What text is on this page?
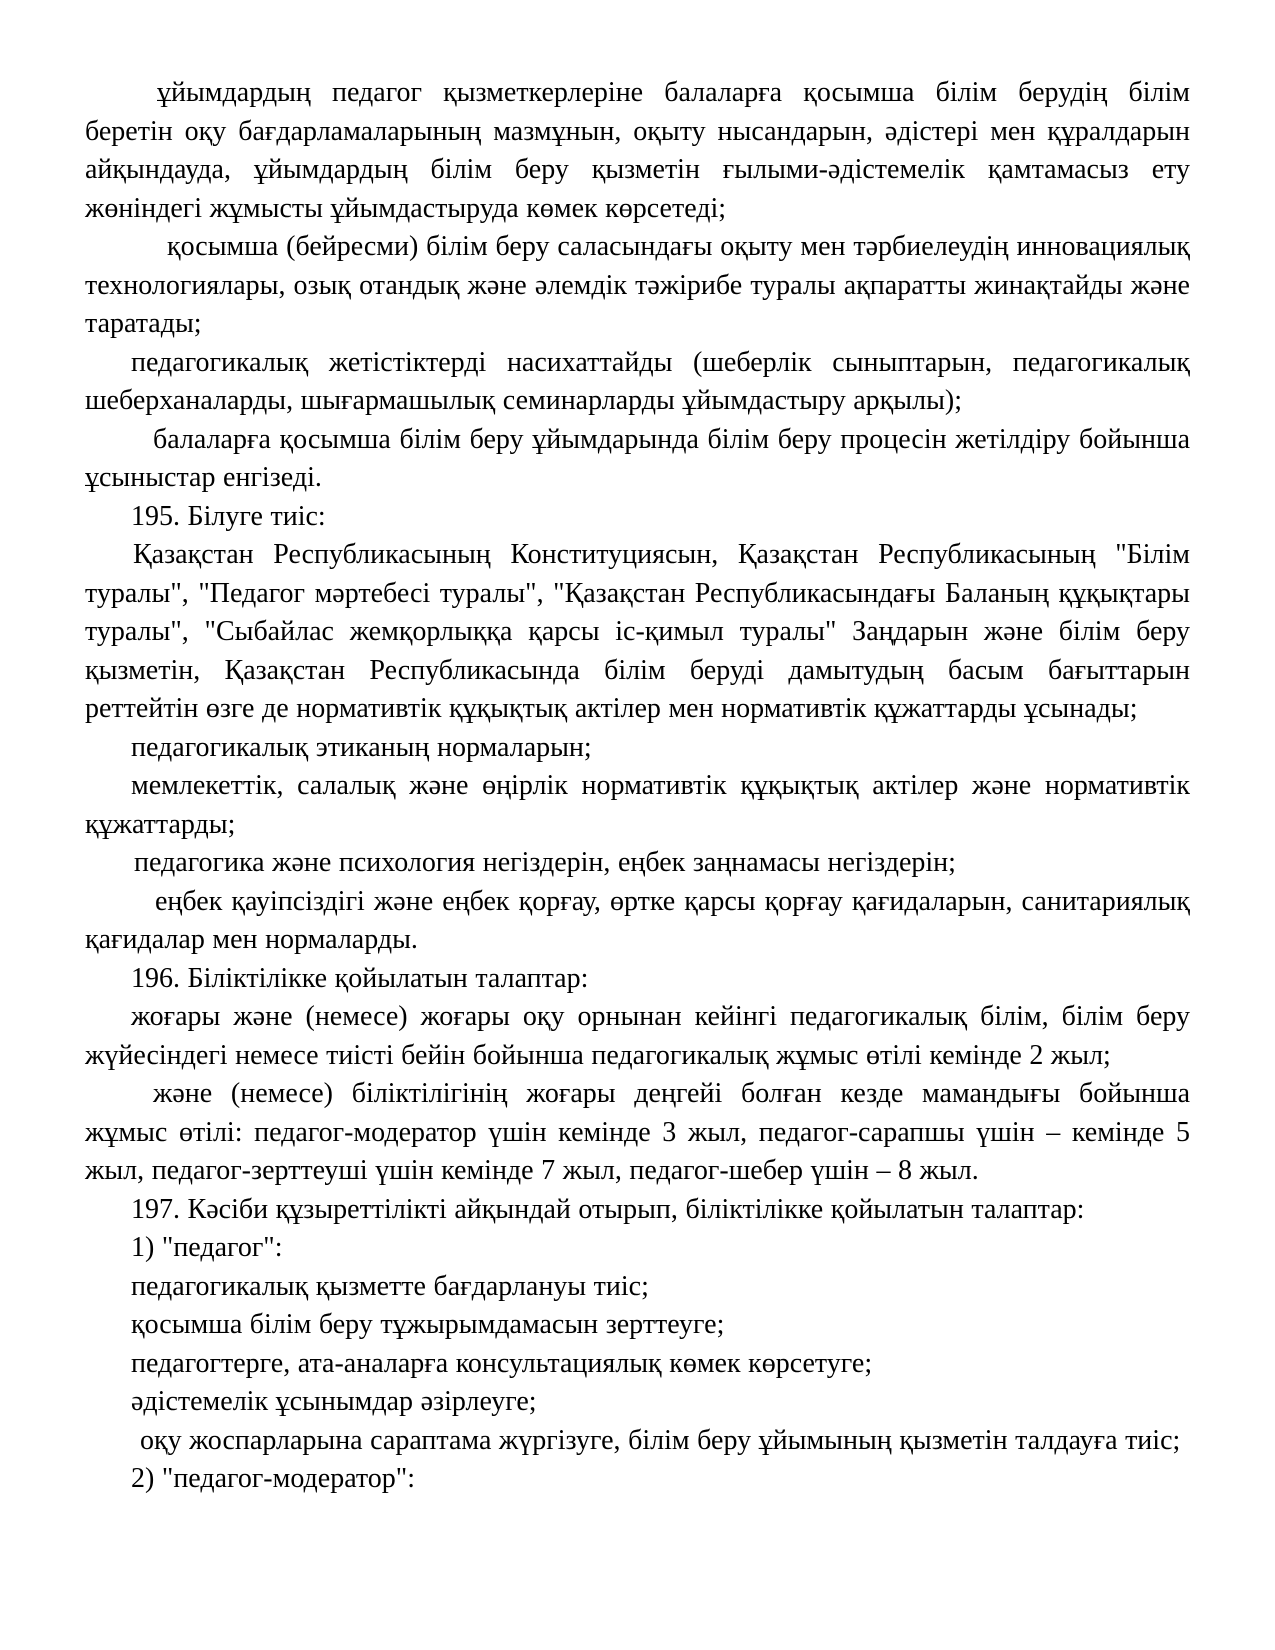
ұйымдардың педагог қызметкерлеріне балаларға қосымша білім берудің білім беретін оқу бағдарламаларының мазмұнын, оқыту нысандарын, әдістері мен құралдарын айқындауда, ұйымдардың білім беру қызметін ғылыми-әдістемелік қамтамасыз ету жөніндегі жұмысты ұйымдастыруда көмек көрсетеді;

қосымша (бейресми) білім беру саласындағы оқыту мен тәрбиелеудің инновациялық технологиялары, озық отандық және әлемдік тәжірибе туралы ақпаратты жинақтайды және таратады;

педагогикалық жетістіктерді насихаттайды (шеберлік сыныптарын, педагогикалық шеберханаларды, шығармашылық семинарларды ұйымдастыру арқылы);

балаларға қосымша білім беру ұйымдарында білім беру процесін жетілдіру бойынша ұсыныстар енгізеді.

195. Білуге тиіс:

Қазақстан Республикасының Конституциясын, Қазақстан Республикасының "Білім туралы", "Педагог мәртебесі туралы", "Қазақстан Республикасындағы Баланың құқықтары туралы", "Сыбайлас жемқорлыққа қарсы іс-қимыл туралы" Заңдарын және білім беру қызметін, Қазақстан Республикасында білім беруді дамытудың басым бағыттарын реттейтін өзге де нормативтік құқықтық актілер мен нормативтік құжаттарды ұсынады;

педагогикалық этиканың нормаларын;

мемлекеттік, салалық және өңірлік нормативтік құқықтық актілер және нормативтік құжаттарды;

педагогика және психология негіздерін, еңбек заңнамасы негіздерін;

еңбек қауіпсіздігі және еңбек қорғау, өртке қарсы қорғау қағидаларын, санитариялық қағидалар мен нормаларды.

196. Біліктілікке қойылатын талаптар:

жоғары және (немесе) жоғары оқу орнынан кейінгі педагогикалық білім, білім беру жүйесіндегі немесе тиісті бейін бойынша педагогикалық жұмыс өтілі кемінде 2 жыл;

және (немесе) біліктілігінің жоғары деңгейі болған кезде мамандығы бойынша жұмыс өтілі: педагог-модератор үшін кемінде 3 жыл, педагог-сарапшы үшін – кемінде 5 жыл, педагог-зерттеуші үшін кемінде 7 жыл, педагог-шебер үшін – 8 жыл.

197. Кәсіби құзыреттілікті айқындай отырып, біліктілікке қойылатын талаптар:

1) "педагог":

педагогикалық қызметте бағдарлануы тиіс;

қосымша білім беру тұжырымдамасын зерттеуге;

педагогтерге, ата-аналарға консультациялық көмек көрсетуге;

әдістемелік ұсынымдар әзірлеуге;

оқу жоспарларына сараптама жүргізуге, білім беру ұйымының қызметін талдауға тиіс;

2) "педагог-модератор":
